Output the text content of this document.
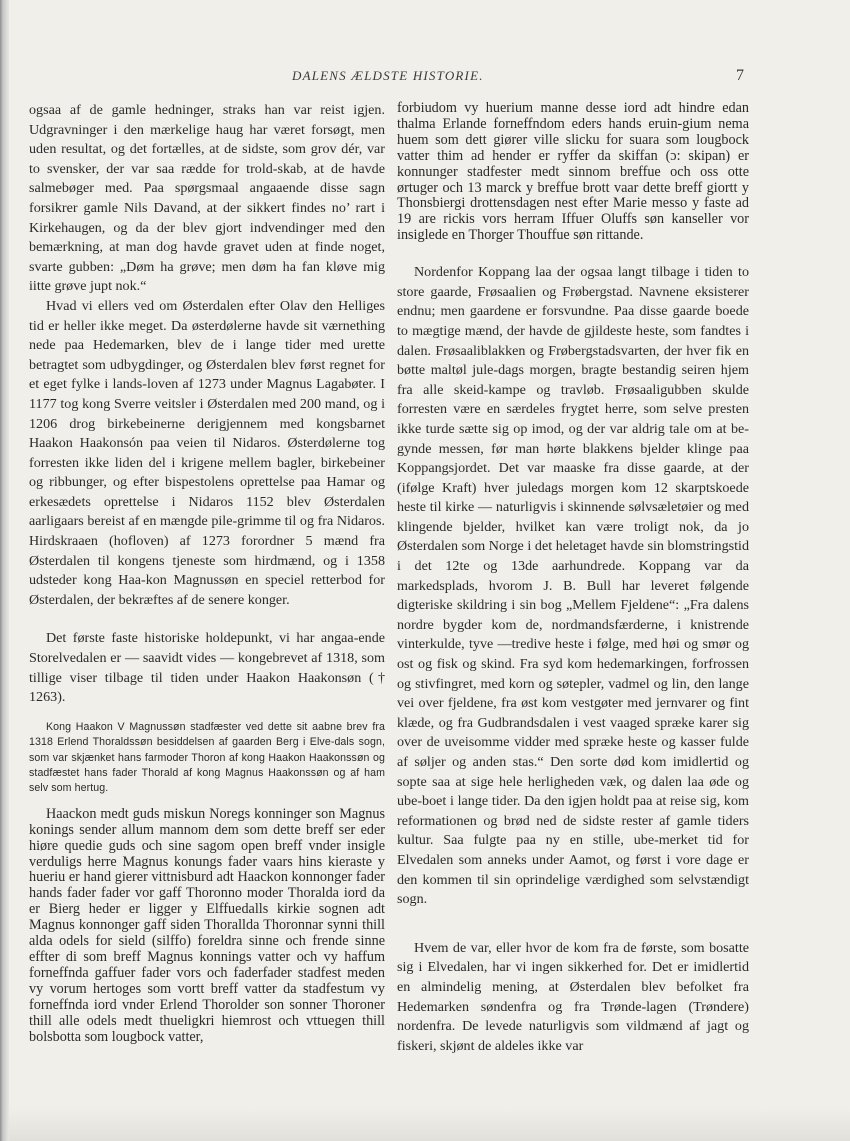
DALENS ÆLDSTE HISTORIE.	7

ogsaa af de gamle hedninger, straks han var reist igjen. Udgravninger i den mærkelige haug har været forsøgt, men uden resultat, og det fortælles, at de sidste, som grov dér, var to svensker, der var saa rædde for trold-skab, at de havde salmebøger med. Paa spørgsmaal angaaende disse sagn forsikrer gamle Nils Davand, at der sikkert findes no’ rart i Kirkehaugen, og da der blev gjort indvendinger med den bemærkning, at man dog havde gravet uden at finde noget, svarte gubben: „Døm ha grøve; men døm ha fan kløve mig iitte grøve jupt nok.“

Hvad vi ellers ved om Østerdalen efter Olav den Helliges tid er heller ikke meget. Da østerdølerne havde sit værnething nede paa Hedemarken, blev de i lange tider med urette betragtet som udbygdinger, og Østerdalen blev først regnet for et eget fylke i lands-loven af 1273 under Magnus Lagabøter. I 1177 tog kong Sverre veitsler i Østerdalen med 200 mand, og i 1206 drog birkebeinerne derigjennem med kongsbarnet Haakon Haakonsón paa veien til Nidaros. Østerdølerne tog forresten ikke liden del i krigene mellem bagler, birkebeiner og ribbunger, og efter bispestolens oprettelse paa Hamar og erkesædets oprettelse i Nidaros 1152 blev Østerdalen aarligaars bereist af en mængde pile-grimme til og fra Nidaros. Hirdskraaen (hofloven) af 1273 forordner 5 mænd fra Østerdalen til kongens tjeneste som hirdmænd, og i 1358 udsteder kong Haa-kon Magnussøn en speciel retterbod for Østerdalen, der bekræftes af de senere konger.

Det første faste historiske holdepunkt, vi har angaa-ende Storelvedalen er — saavidt vides — kongebrevet af 1318, som tillige viser tilbage til tiden under Haakon Haakonsøn († 1263).

Kong Haakon V Magnussøn stadfæster ved dette sit aabne brev fra 1318 Erlend Thoraldssøn besiddelsen af gaarden Berg i Elve-dals sogn, som var skjænket hans farmoder Thoron af kong Haakon Haakonssøn og stadfæstet hans fader Thorald af kong Magnus Haakonssøn og af ham selv som hertug.

Haackon medt guds miskun Noregs konninger son Magnus konings sender allum mannom dem som dette breff ser eder hiøre quedie guds och sine sagom open breff vnder insigle verduligs herre Magnus konungs fader vaars hins kieraste y hueriu er hand gierer vittnisburd adt Haackon konnonger fader hands fader fader vor gaff Thoronno moder Thoralda iord da er Bierg heder er ligger y Elffuedalls kirkie sognen adt Magnus konnonger gaff siden Thorallda Thoronnar synni thill alda odels for sield (silffo) foreldra sinne och frende sinne effter di som breff Magnus konnings vatter och vy haffum forneffnda gaffuer fader vors och faderfader stadfest meden vy vorum hertoges som vortt breff vatter da stadfestum vy forneffnda iord vnder Erlend Thorolder son sonner Thoroner thill alle odels medt thueligkri hiemrost och vttuegen thill bolsbotta som lougbock vatter,

forbiudom vy huerium manne desse iord adt hindre edan thalma Erlande forneffndom eders hands eruin-gium nema huem som dett giører ville slicku for suara som lougbock vatter thim ad hender er ryffer da skiffan (ɔ: skipan) er konnunger stadfester medt sinnom breffue och oss otte ørtuger och 13 marck y breffue brott vaar dette breff giortt y Thonsbiergi drottensdagen nest efter Marie messo y faste ad 19 are rickis vors herram Iffuer Oluffs søn kanseller vor insiglede en Thorger Thouffue søn rittande.

Nordenfor Koppang laa der ogsaa langt tilbage i tiden to store gaarde, Frøsaalien og Frøbergstad. Navnene eksisterer endnu; men gaardene er forsvundne. Paa disse gaarde boede to mægtige mænd, der havde de gjildeste heste, som fandtes i dalen. Frøsaaliblakken og Frøbergstadsvarten, der hver fik en bøtte maltøl jule-dags morgen, bragte bestandig seiren hjem fra alle skeid-kampe og travløb. Frøsaaligubben skulde forresten være en særdeles frygtet herre, som selve presten ikke turde sætte sig op imod, og der var aldrig tale om at be-gynde messen, før man hørte blakkens bjelder klinge paa Koppangsjordet. Det var maaske fra disse gaarde, at der (ifølge Kraft) hver juledags morgen kom 12 skarptskoede heste til kirke — naturligvis i skinnende sølvsæletøier og med klingende bjelder, hvilket kan være troligt nok, da jo Østerdalen som Norge i det heletaget havde sin blomstringstid i det 12te og 13de aarhundrede. Koppang var da markedsplads, hvorom J. B. Bull har leveret følgende digteriske skildring i sin bog „Mellem Fjeldene“: „Fra dalens nordre bygder kom de, nordmandsfærderne, i knistrende vinterkulde, tyve —tredive heste i følge, med høi og smør og ost og fisk og skind. Fra syd kom hedemarkingen, forfrossen og stivfingret, med korn og søtepler, vadmel og lin, den lange vei over fjeldene, fra øst kom vestgøter med jernvarer og fint klæde, og fra Gudbrandsdalen i vest vaaged spræke karer sig over de uveisomme vidder med spræke heste og kasser fulde af søljer og anden stas.“ Den sorte død kom imidlertid og sopte saa at sige hele herligheden væk, og dalen laa øde og ube-boet i lange tider. Da den igjen holdt paa at reise sig, kom reformationen og brød ned de sidste rester af gamle tiders kultur. Saa fulgte paa ny en stille, ube-merket tid for Elvedalen som anneks under Aamot, og først i vore dage er den kommen til sin oprindelige værdighed som selvstændigt sogn.

Hvem de var, eller hvor de kom fra de første, som bosatte sig i Elvedalen, har vi ingen sikkerhed for. Det er imidlertid en almindelig mening, at Østerdalen blev befolket fra Hedemarken søndenfra og fra Trønde-lagen (Trøndere) nordenfra. De levede naturligvis som vildmænd af jagt og fiskeri, skjønt de aldeles ikke var
